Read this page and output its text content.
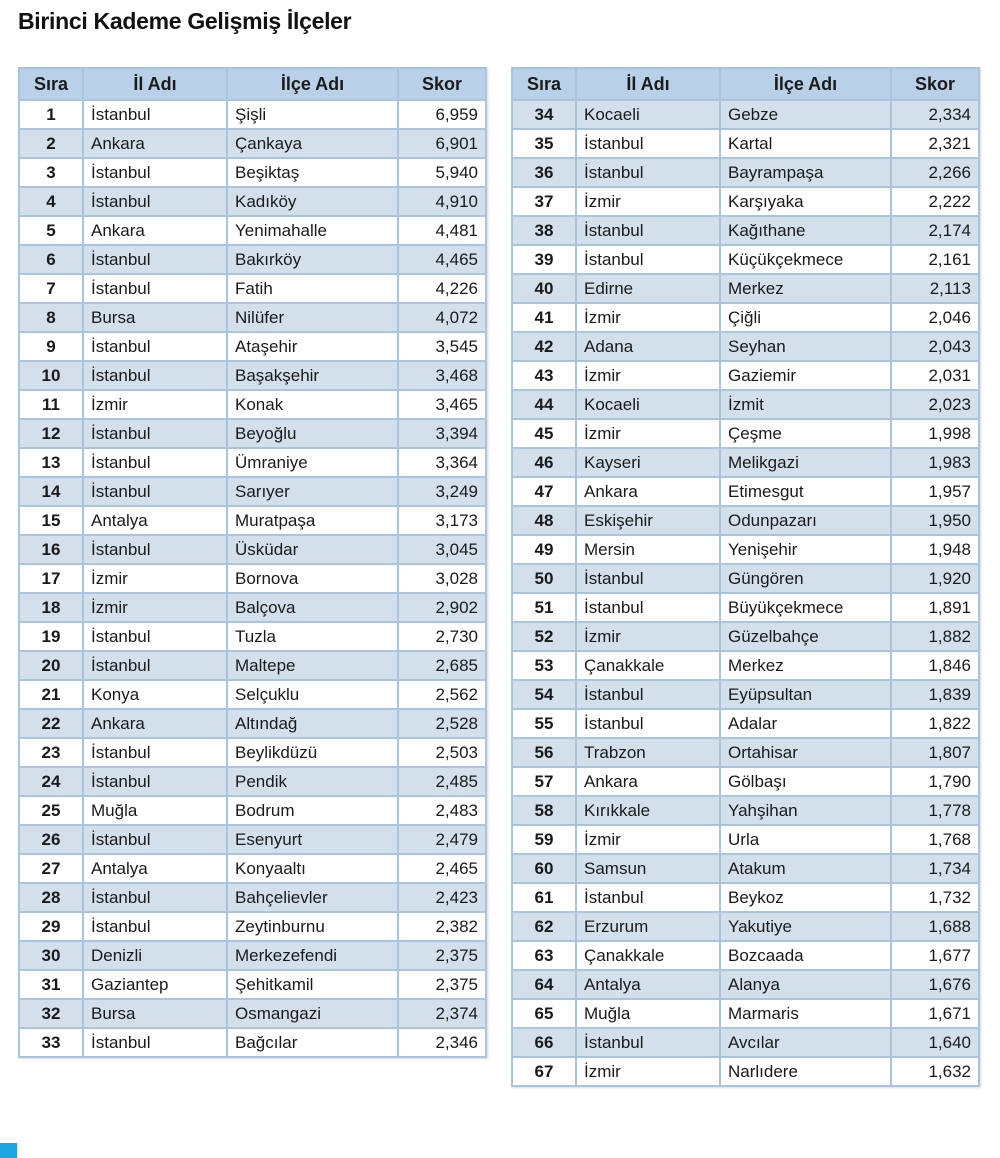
Birinci Kademe Gelişmiş İlçeler
Sıra	İl Adı	İlçe Adı	Skor
1	İstanbul	Şişli	6,959
2	Ankara	Çankaya	6,901
3	İstanbul	Beşiktaş	5,940
4	İstanbul	Kadıköy	4,910
5	Ankara	Yenimahalle	4,481
6	İstanbul	Bakırköy	4,465
7	İstanbul	Fatih	4,226
8	Bursa	Nilüfer	4,072
9	İstanbul	Ataşehir	3,545
10	İstanbul	Başakşehir	3,468
11	İzmir	Konak	3,465
12	İstanbul	Beyoğlu	3,394
13	İstanbul	Ümraniye	3,364
14	İstanbul	Sarıyer	3,249
15	Antalya	Muratpaşa	3,173
16	İstanbul	Üsküdar	3,045
17	İzmir	Bornova	3,028
18	İzmir	Balçova	2,902
19	İstanbul	Tuzla	2,730
20	İstanbul	Maltepe	2,685
21	Konya	Selçuklu	2,562
22	Ankara	Altındağ	2,528
23	İstanbul	Beylikdüzü	2,503
24	İstanbul	Pendik	2,485
25	Muğla	Bodrum	2,483
26	İstanbul	Esenyurt	2,479
27	Antalya	Konyaaltı	2,465
28	İstanbul	Bahçelievler	2,423
29	İstanbul	Zeytinburnu	2,382
30	Denizli	Merkezefendi	2,375
31	Gaziantep	Şehitkamil	2,375
32	Bursa	Osmangazi	2,374
33	İstanbul	Bağcılar	2,346
Sıra	İl Adı	İlçe Adı	Skor
34	Kocaeli	Gebze	2,334
35	İstanbul	Kartal	2,321
36	İstanbul	Bayrampaşa	2,266
37	İzmir	Karşıyaka	2,222
38	İstanbul	Kağıthane	2,174
39	İstanbul	Küçükçekmece	2,161
40	Edirne	Merkez	2,113
41	İzmir	Çiğli	2,046
42	Adana	Seyhan	2,043
43	İzmir	Gaziemir	2,031
44	Kocaeli	İzmit	2,023
45	İzmir	Çeşme	1,998
46	Kayseri	Melikgazi	1,983
47	Ankara	Etimesgut	1,957
48	Eskişehir	Odunpazarı	1,950
49	Mersin	Yenişehir	1,948
50	İstanbul	Güngören	1,920
51	İstanbul	Büyükçekmece	1,891
52	İzmir	Güzelbahçe	1,882
53	Çanakkale	Merkez	1,846
54	İstanbul	Eyüpsultan	1,839
55	İstanbul	Adalar	1,822
56	Trabzon	Ortahisar	1,807
57	Ankara	Gölbaşı	1,790
58	Kırıkkale	Yahşihan	1,778
59	İzmir	Urla	1,768
60	Samsun	Atakum	1,734
61	İstanbul	Beykoz	1,732
62	Erzurum	Yakutiye	1,688
63	Çanakkale	Bozcaada	1,677
64	Antalya	Alanya	1,676
65	Muğla	Marmaris	1,671
66	İstanbul	Avcılar	1,640
67	İzmir	Narlıdere	1,632
